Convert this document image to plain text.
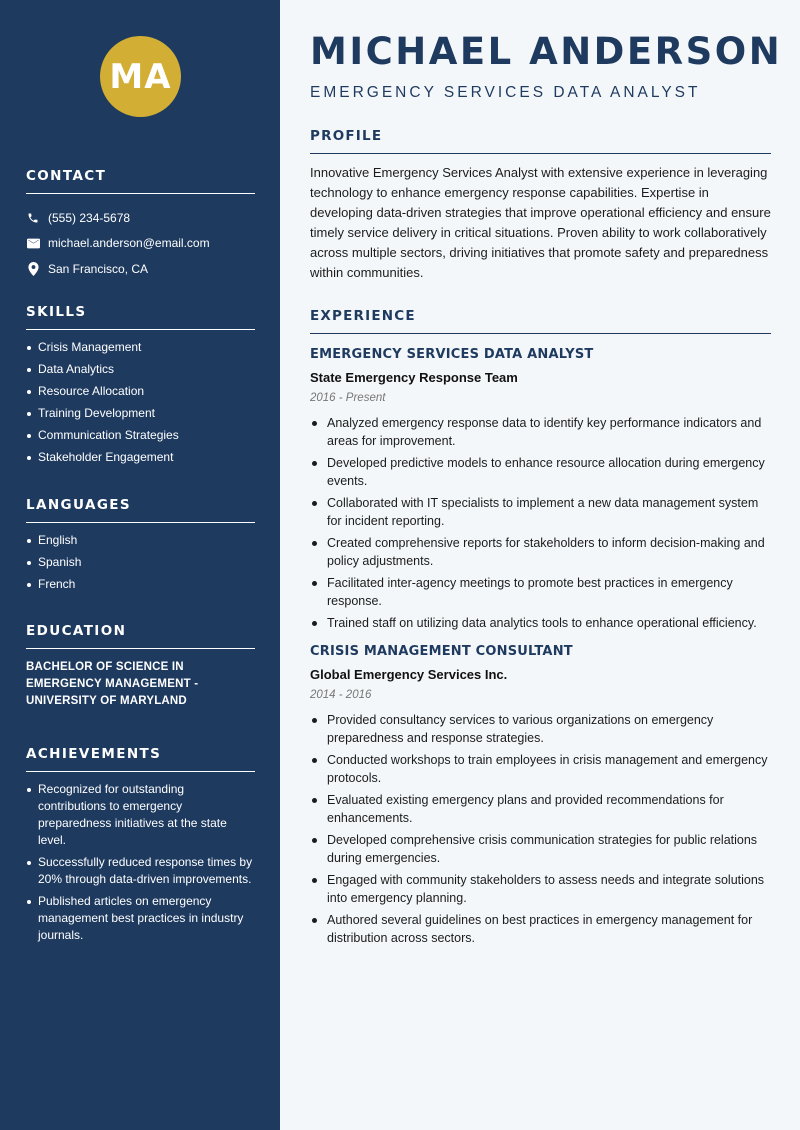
MA
CONTACT
(555) 234-5678
michael.anderson@email.com
San Francisco, CA
SKILLS
Crisis Management
Data Analytics
Resource Allocation
Training Development
Communication Strategies
Stakeholder Engagement
LANGUAGES
English
Spanish
French
EDUCATION

BACHELOR OF SCIENCE IN EMERGENCY MANAGEMENT - UNIVERSITY OF MARYLAND

ACHIEVEMENTS
Recognized for outstanding contributions to emergency preparedness initiatives at the state level.
Successfully reduced response times by 20% through data-driven improvements.
Published articles on emergency management best practices in industry journals.
MICHAEL ANDERSON
EMERGENCY SERVICES DATA ANALYST
PROFILE

Innovative Emergency Services Analyst with extensive experience in leveraging technology to enhance emergency response capabilities. Expertise in developing data-driven strategies that improve operational efficiency and ensure timely service delivery in critical situations. Proven ability to work collaboratively across multiple sectors, driving initiatives that promote safety and preparedness within communities.

EXPERIENCE
EMERGENCY SERVICES DATA ANALYST
State Emergency Response Team
2016 - Present
Analyzed emergency response data to identify key performance indicators and areas for improvement.
Developed predictive models to enhance resource allocation during emergency events.
Collaborated with IT specialists to implement a new data management system for incident reporting.
Created comprehensive reports for stakeholders to inform decision-making and policy adjustments.
Facilitated inter-agency meetings to promote best practices in emergency response.
Trained staff on utilizing data analytics tools to enhance operational efficiency.
CRISIS MANAGEMENT CONSULTANT
Global Emergency Services Inc.
2014 - 2016
Provided consultancy services to various organizations on emergency preparedness and response strategies.
Conducted workshops to train employees in crisis management and emergency protocols.
Evaluated existing emergency plans and provided recommendations for enhancements.
Developed comprehensive crisis communication strategies for public relations during emergencies.
Engaged with community stakeholders to assess needs and integrate solutions into emergency planning.
Authored several guidelines on best practices in emergency management for distribution across sectors.
